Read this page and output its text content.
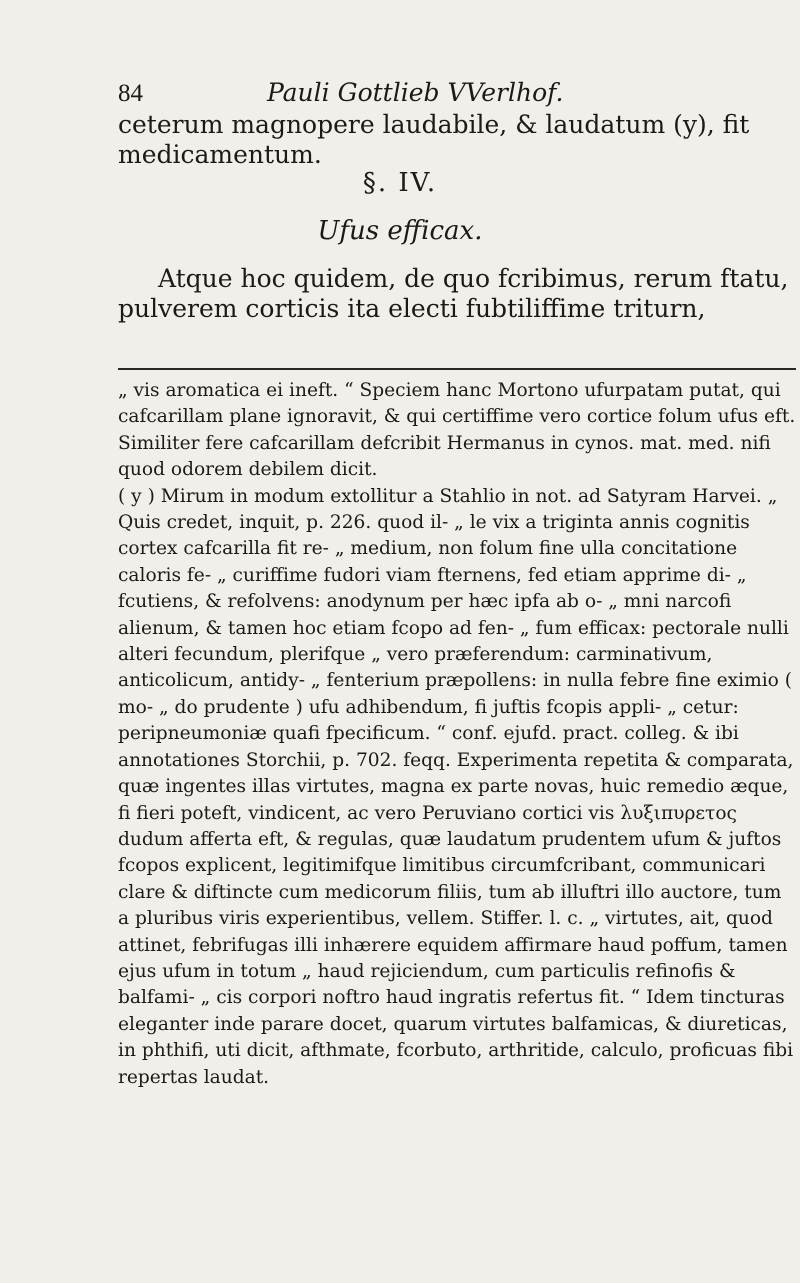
84	Pauli Gottlieb VVerlhof.
ceterum magnopere laudabile, & laudatum (y), fit medicamentum.
§. IV.
Ufus efficax.
Atque hoc quidem, de quo fcribimus, rerum ftatu, pulverem corticis ita electi fubtiliffime triturn,

„ vis aromatica ei ineft. “ Speciem hanc Mortono ufurpatam putat, qui cafcarillam plane ignoravit, & qui certiffime vero cortice folum ufus eft. Similiter fere cafcarillam defcribit Hermanus in cynos. mat. med. nifi quod odorem debilem dicit.

( y ) Mirum in modum extollitur a Stahlio in not. ad Satyram Harvei. „ Quis credet, inquit, p. 226. quod il- „ le vix a triginta annis cognitis cortex cafcarilla fit re- „ medium, non folum fine ulla concitatione caloris fe- „ curiffime fudori viam fternens, fed etiam apprime di- „ fcutiens, & refolvens: anodynum per hæc ipfa ab o- „ mni narcofi alienum, & tamen hoc etiam fcopo ad fen- „ fum efficax: pectorale nulli alteri fecundum, plerifque „ vero præferendum: carminativum, anticolicum, antidy- „ fenterium præpollens: in nulla febre fine eximio ( mo- „ do prudente ) ufu adhibendum, fi juftis fcopis appli- „ cetur: peripneumoniæ quafi fpecificum. “ conf. ejufd. pract. colleg. & ibi annotationes Storchii, p. 702. feqq. Experimenta repetita & comparata, quæ ingentes illas virtutes, magna ex parte novas, huic remedio æque, fi fieri poteft, vindicent, ac vero Peruviano cortici vis λυξιπυρετος dudum afferta eft, & regulas, quæ laudatum prudentem ufum & juftos fcopos explicent, legitimifque limitibus circumfcribant, communicari clare & diftincte cum medicorum filiis, tum ab illuftri illo auctore, tum a pluribus viris experientibus, vellem. Stiffer. l. c. „ virtutes, ait, quod attinet, febrifugas illi inhærere equidem affirmare haud poffum, tamen ejus ufum in totum „ haud rejiciendum, cum particulis refinofis & balfami- „ cis corpori noftro haud ingratis refertus fit. “ Idem tincturas eleganter inde parare docet, quarum virtutes balfamicas, & diureticas, in phthifi, uti dicit, afthmate, fcorbuto, arthritide, calculo, proficuas fibi repertas laudat.
